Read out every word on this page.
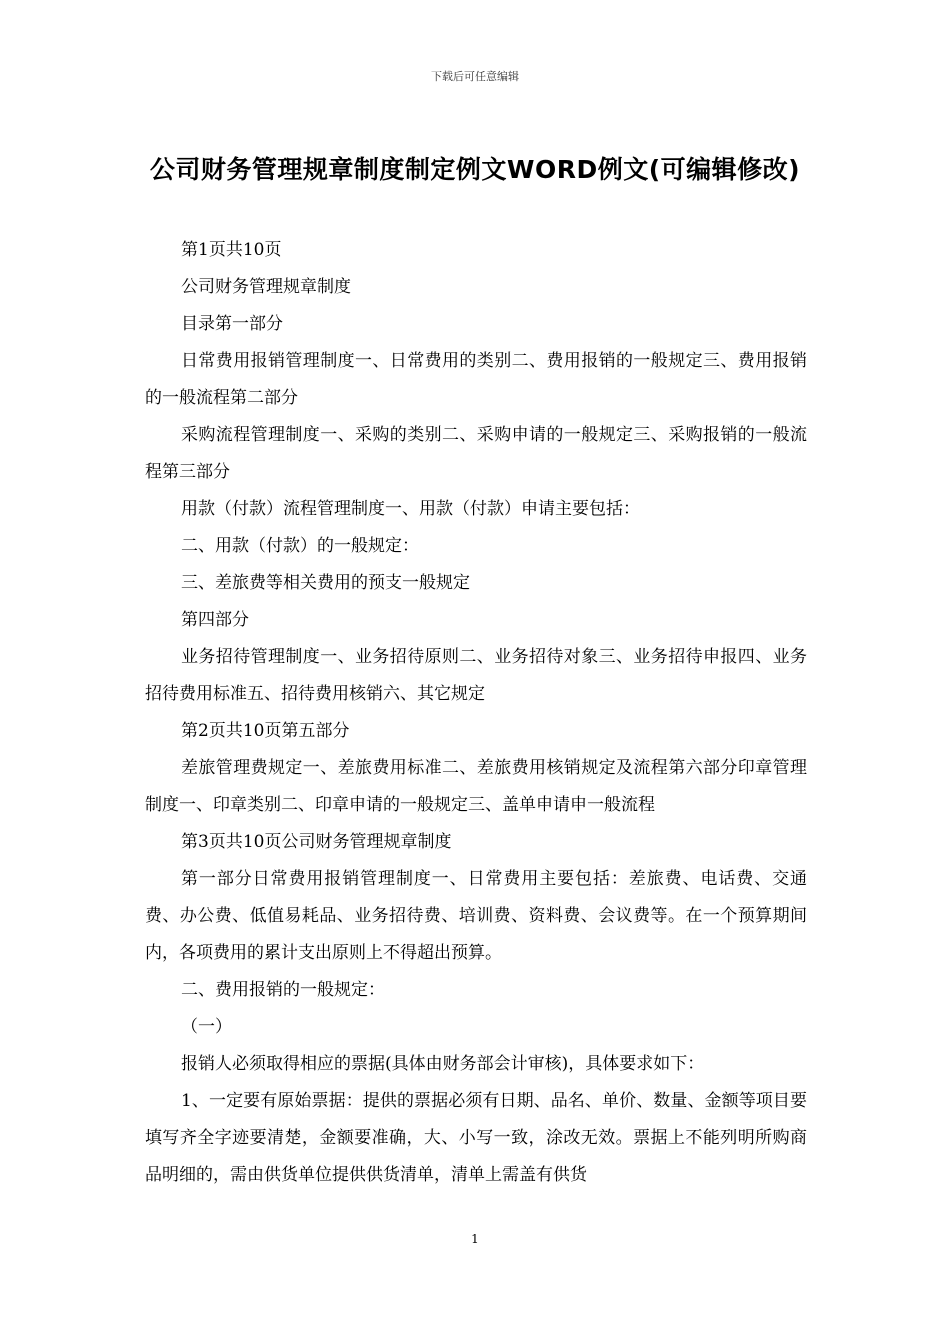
下载后可任意编辑
公司财务管理规章制度制定例文WORD例文(可编辑修改)

第1页共10页

公司财务管理规章制度

目录第一部分

日常费用报销管理制度一、日常费用的类别二、费用报销的一般规定三、费用报销的一般流程第二部分

采购流程管理制度一、采购的类别二、采购申请的一般规定三、采购报销的一般流程第三部分

用款（付款）流程管理制度一、用款（付款）申请主要包括：

二、用款（付款）的一般规定：

三、差旅费等相关费用的预支一般规定

第四部分

业务招待管理制度一、业务招待原则二、业务招待对象三、业务招待申报四、业务招待费用标准五、招待费用核销六、其它规定

第2页共10页第五部分

差旅管理费规定一、差旅费用标准二、差旅费用核销规定及流程第六部分印章管理制度一、印章类别二、印章申请的一般规定三、盖单申请申一般流程

第3页共10页公司财务管理规章制度

第一部分日常费用报销管理制度一、日常费用主要包括：差旅费、电话费、交通费、办公费、低值易耗品、业务招待费、培训费、资料费、会议费等。在一个预算期间内，各项费用的累计支出原则上不得超出预算。

二、费用报销的一般规定：

（一）

报销人必须取得相应的票据(具体由财务部会计审核)，具体要求如下：

1、一定要有原始票据：提供的票据必须有日期、品名、单价、数量、金额等项目要填写齐全字迹要清楚，金额要准确，大、小写一致，涂改无效。票据上不能列明所购商品明细的，需由供货单位提供供货清单，清单上需盖有供货

1
